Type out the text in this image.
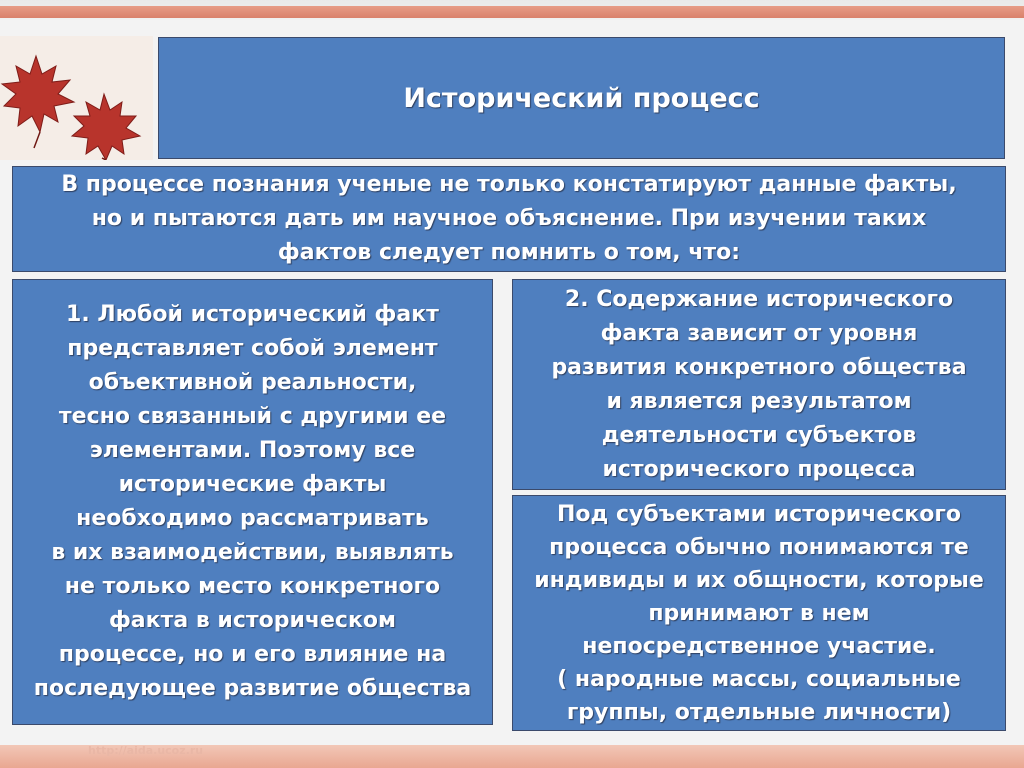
Исторический процесс
В процессе познания ученые не только констатируют данные факты,
но и пытаются дать им научное объяснение. При изучении таких
фактов следует помнить о том, что:
1. Любой исторический факт
представляет собой элемент
объективной реальности,
тесно связанный с другими ее
элементами. Поэтому все
исторические факты
необходимо рассматривать
в их взаимодействии, выявлять
не только место конкретного
факта в историческом
процессе, но и его влияние на
последующее развитие общества
2. Содержание исторического
факта зависит от уровня
развития конкретного общества
и является результатом
деятельности субъектов
исторического процесса
Под субъектами исторического
процесса обычно понимаются те
индивиды и их общности, которые
принимают в нем
непосредственное участие.
( народные массы, социальные
группы, отдельные личности)
http://aida.ucoz.ru
